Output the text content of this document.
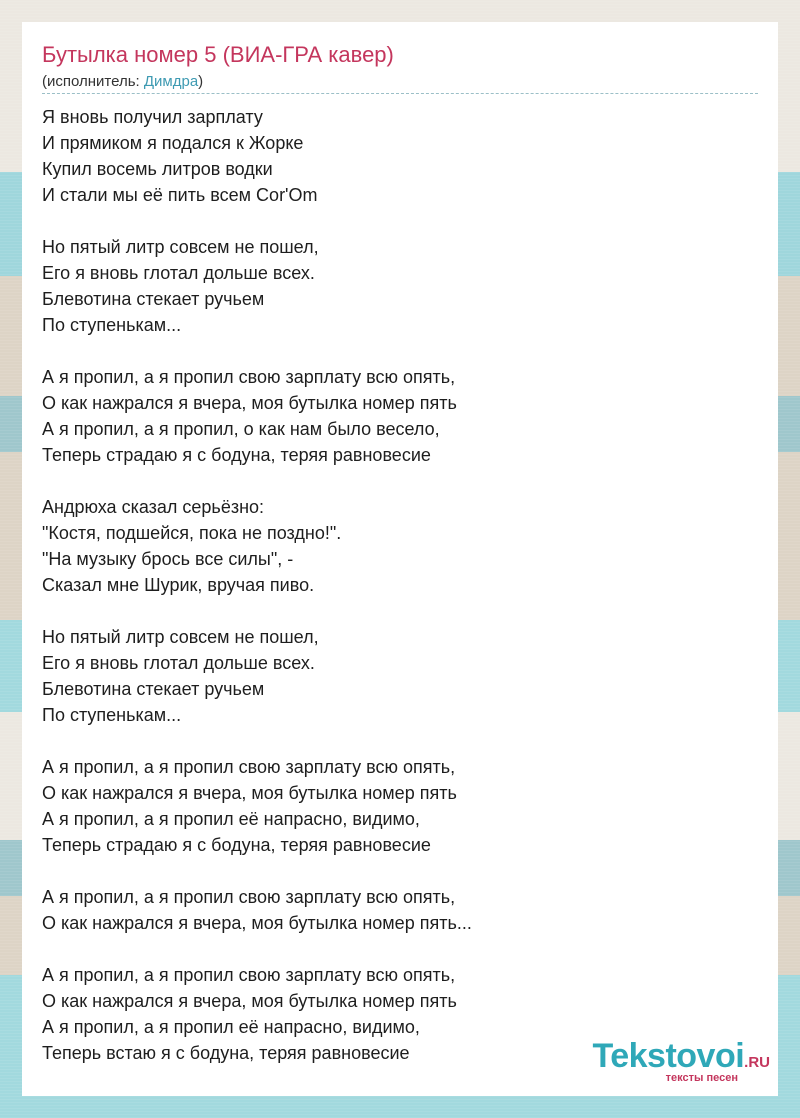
Бутылка номер 5 (ВИА-ГРА кавер)
(исполнитель: Димдра)
Я вновь получил зарплату
И прямиком я подался к Жорке
Купил восемь литров водки
И стали мы её пить всем Cor'Om
Но пятый литр совсем не пошел,
Его я вновь глотал дольше всех.
Блевотина стекает ручьем
По ступенькам...
А я пропил, а я пропил свою зарплату всю опять,
О как нажрался я вчера, моя бутылка номер пять
А я пропил, а я пропил, о как нам было весело,
Теперь страдаю я с бодуна, теряя равновесие
Андрюха сказал серьёзно:
"Костя, подшейся, пока не поздно!".
"На музыку брось все силы", -
Сказал мне Шурик, вручая пиво.
Но пятый литр совсем не пошел,
Его я вновь глотал дольше всех.
Блевотина стекает ручьем
По ступенькам...
А я пропил, а я пропил свою зарплату всю опять,
О как нажрался я вчера, моя бутылка номер пять
А я пропил, а я пропил её напрасно, видимо,
Теперь страдаю я с бодуна, теряя равновесие
А я пропил, а я пропил свою зарплату всю опять,
О как нажрался я вчера, моя бутылка номер пять...
А я пропил, а я пропил свою зарплату всю опять,
О как нажрался я вчера, моя бутылка номер пять
А я пропил, а я пропил её напрасно, видимо,
Теперь встаю я с бодуна, теряя равновесие	Tekstovoi.RU
тексты песен
